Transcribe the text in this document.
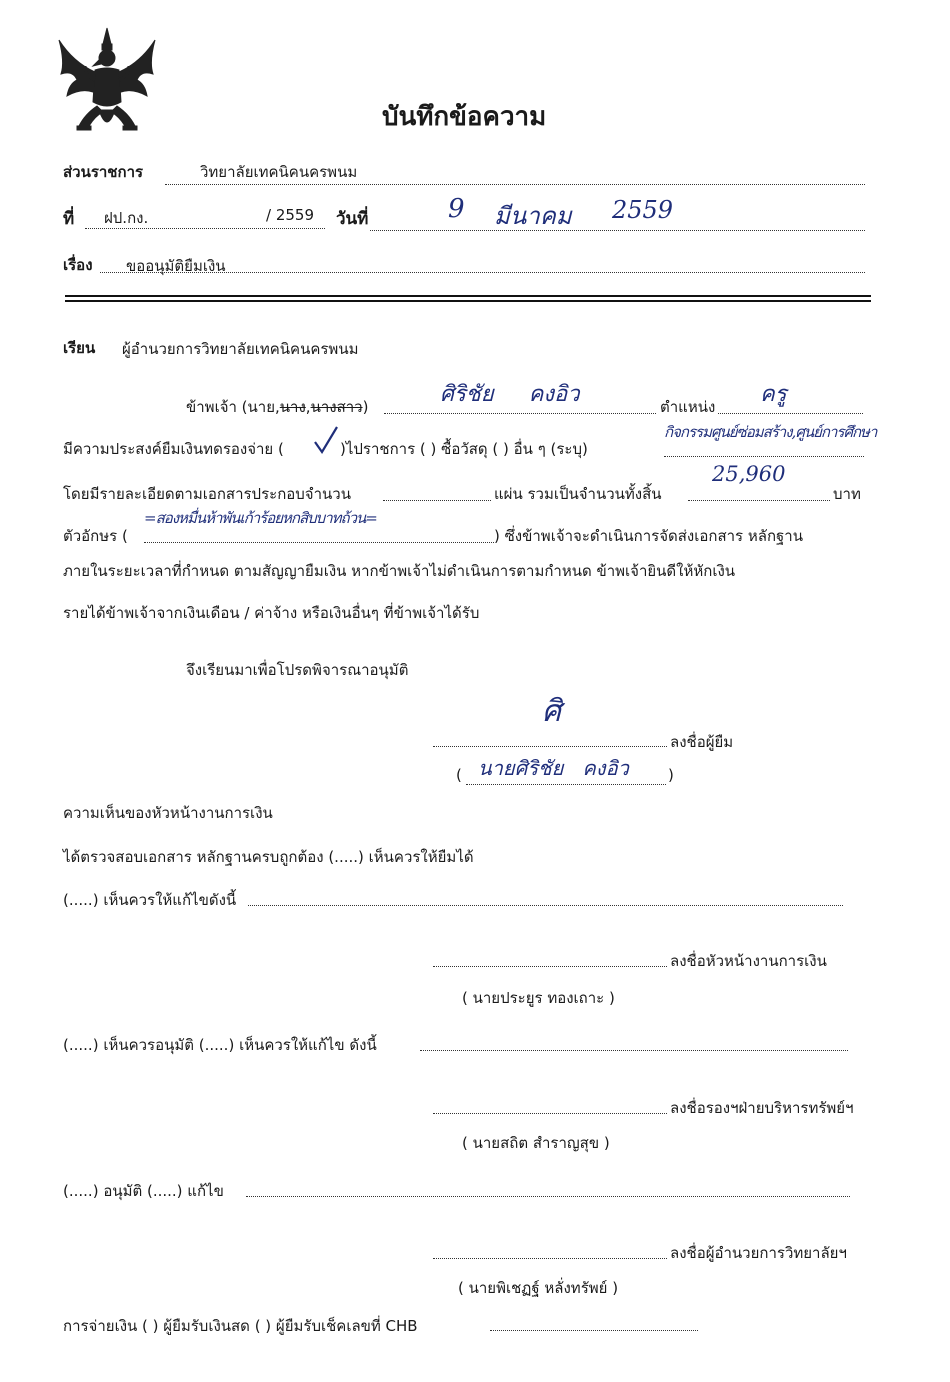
บันทึกข้อความ
ส่วนราชการ	วิทยาลัยเทคนิคนครพนม
ที่ ฝป.กง.	/ 2559 วันที่	9 มีนาคม 2559
เรื่อง ขออนุมัติยืมเงิน
เรียน ผู้อำนวยการวิทยาลัยเทคนิคนครพนม
ข้าพเจ้า (นาย,นาง,นางสาว)	ศิริชัย     คงอิว	ตำแหน่ง ครู
มีความประสงค์ยืมเงินทดรองจ่าย (	)ไปราชการ ( ) ซื้อวัสดุ ( ) อื่น ๆ (ระบุ)
กิจกรรมศูนย์ซ่อมสร้าง,ศูนย์การศึกษา
โดยมีรายละเอียดตามเอกสารประกอบจำนวน	แผ่น รวมเป็นจำนวนทั้งสิ้น
25,960
บาท
ตัวอักษร (
=สองหมื่นห้าพันเก้าร้อยหกสิบบาทถ้วน=
) ซึ่งข้าพเจ้าจะดำเนินการจัดส่งเอกสาร หลักฐาน
ภายในระยะเวลาที่กำหนด ตามสัญญายืมเงิน หากข้าพเจ้าไม่ดำเนินการตามกำหนด ข้าพเจ้ายินดีให้หักเงิน
รายได้ข้าพเจ้าจากเงินเดือน / ค่าจ้าง หรือเงินอื่นๆ ที่ข้าพเจ้าได้รับ
จึงเรียนมาเพื่อโปรดพิจารณาอนุมัติ
ศิ
ลงชื่อผู้ยืม
( นายศิริชัย   คงอิว	)
ความเห็นของหัวหน้างานการเงิน
ได้ตรวจสอบเอกสาร หลักฐานครบถูกต้อง (.....) เห็นควรให้ยืมได้
(.....) เห็นควรให้แก้ไขดังนี้
ลงชื่อหัวหน้างานการเงิน
( นายประยูร ทองเถาะ )
(.....) เห็นควรอนุมัติ (.....) เห็นควรให้แก้ไข ดังนี้
ลงชื่อรองฯฝ่ายบริหารทรัพย์ฯ
( นายสถิต สำราญสุข )
(.....) อนุมัติ (.....) แก้ไข
ลงชื่อผู้อำนวยการวิทยาลัยฯ
( นายพิเชฏฐ์ หลั่งทรัพย์ )
การจ่ายเงิน ( ) ผู้ยืมรับเงินสด ( ) ผู้ยืมรับเช็คเลขที่ CHB
